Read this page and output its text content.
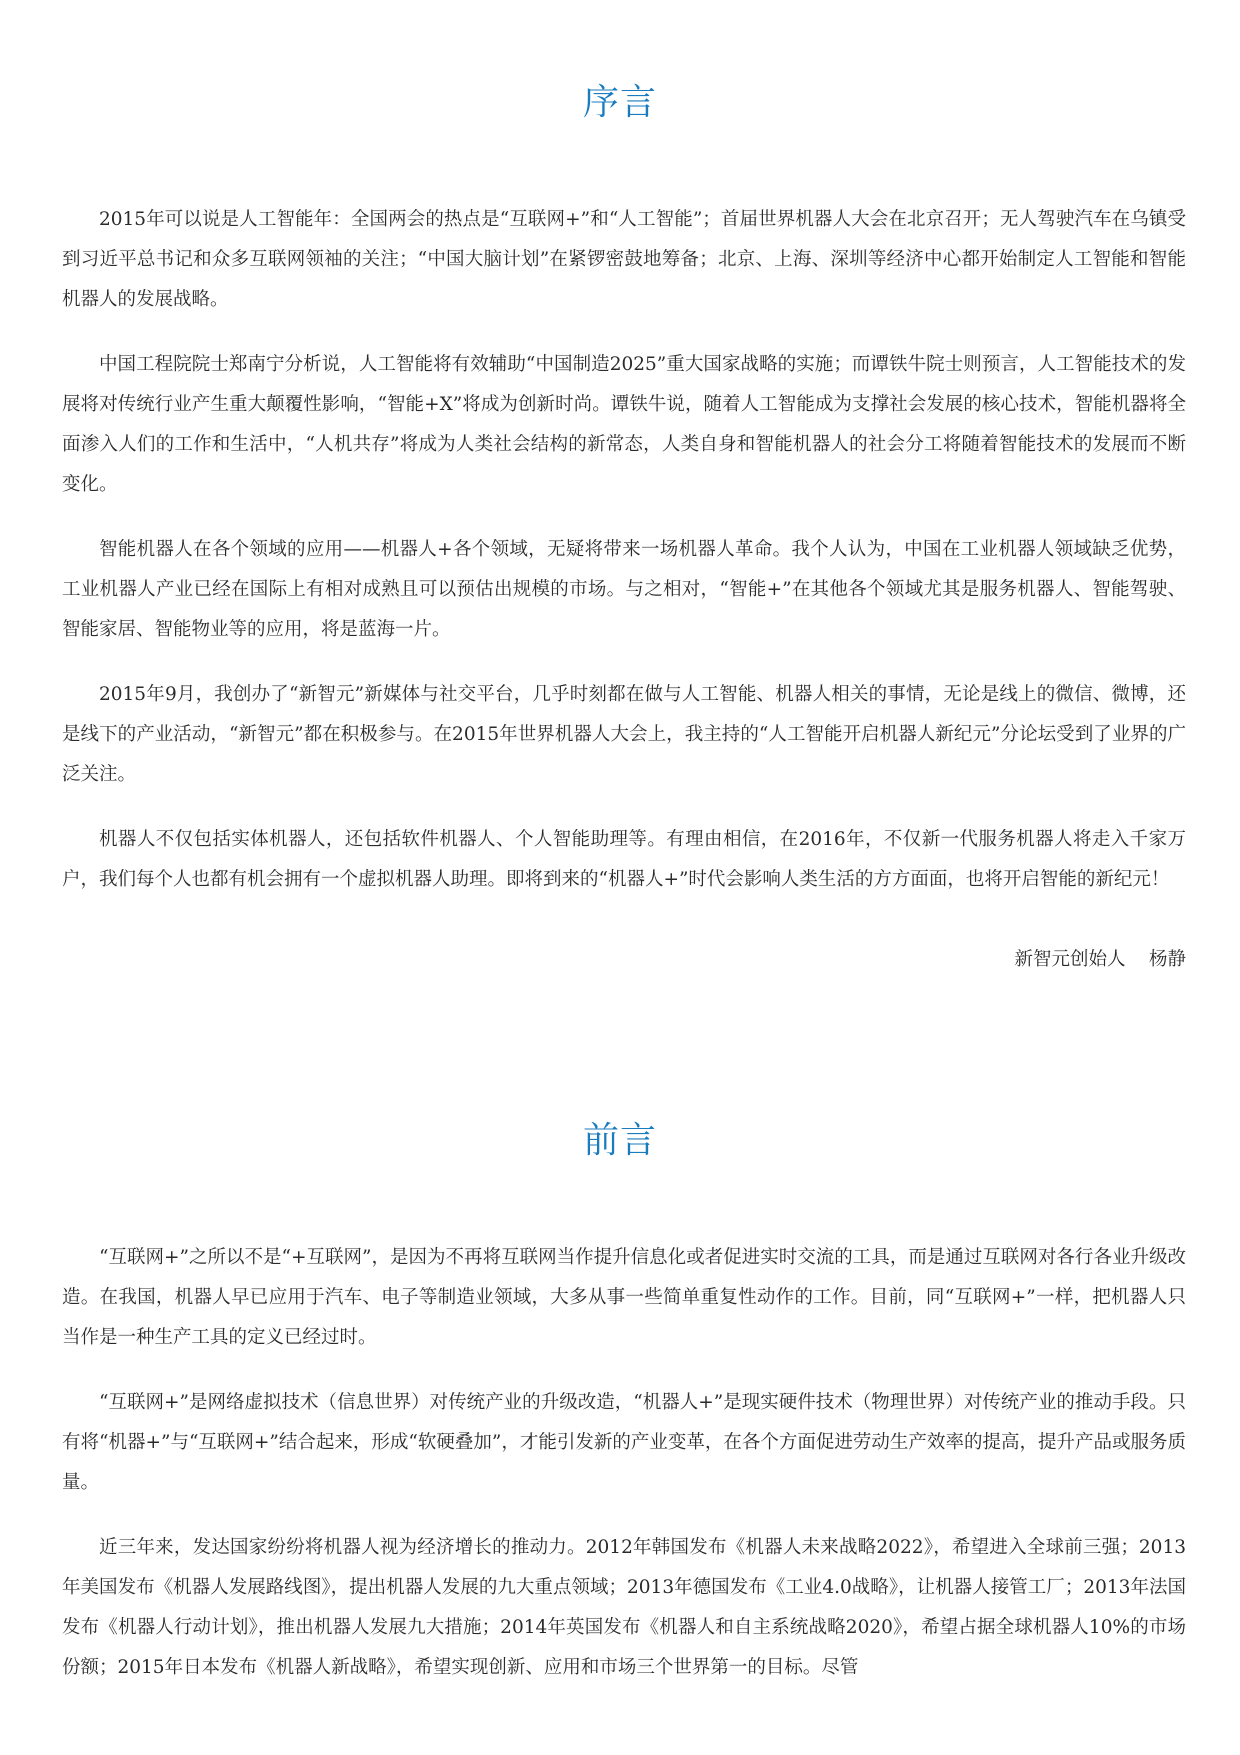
序言

2015年可以说是人工智能年：全国两会的热点是“互联网+”和“人工智能”；首届世界机器人大会在北京召开；无人驾驶汽车在乌镇受到习近平总书记和众多互联网领袖的关注；“中国大脑计划”在紧锣密鼓地筹备；北京、上海、深圳等经济中心都开始制定人工智能和智能机器人的发展战略。

中国工程院院士郑南宁分析说，人工智能将有效辅助“中国制造2025”重大国家战略的实施；而谭铁牛院士则预言，人工智能技术的发展将对传统行业产生重大颠覆性影响，“智能+X”将成为创新时尚。谭铁牛说，随着人工智能成为支撑社会发展的核心技术，智能机器将全面渗入人们的工作和生活中，“人机共存”将成为人类社会结构的新常态，人类自身和智能机器人的社会分工将随着智能技术的发展而不断变化。

智能机器人在各个领域的应用——机器人+各个领域，无疑将带来一场机器人革命。我个人认为，中国在工业机器人领域缺乏优势，工业机器人产业已经在国际上有相对成熟且可以预估出规模的市场。与之相对，“智能+”在其他各个领域尤其是服务机器人、智能驾驶、智能家居、智能物业等的应用，将是蓝海一片。

2015年9月，我创办了“新智元”新媒体与社交平台，几乎时刻都在做与人工智能、机器人相关的事情，无论是线上的微信、微博，还是线下的产业活动，“新智元”都在积极参与。在2015年世界机器人大会上，我主持的“人工智能开启机器人新纪元”分论坛受到了业界的广泛关注。

机器人不仅包括实体机器人，还包括软件机器人、个人智能助理等。有理由相信，在2016年，不仅新一代服务机器人将走入千家万户，我们每个人也都有机会拥有一个虚拟机器人助理。即将到来的“机器人+”时代会影响人类生活的方方面面，也将开启智能的新纪元！

新智元创始人    杨静
前言

“互联网+”之所以不是“+互联网”，是因为不再将互联网当作提升信息化或者促进实时交流的工具，而是通过互联网对各行各业升级改造。在我国，机器人早已应用于汽车、电子等制造业领域，大多从事一些简单重复性动作的工作。目前，同“互联网+”一样，把机器人只当作是一种生产工具的定义已经过时。

“互联网+”是网络虚拟技术（信息世界）对传统产业的升级改造，“机器人+”是现实硬件技术（物理世界）对传统产业的推动手段。只有将“机器+”与“互联网+”结合起来，形成“软硬叠加”，才能引发新的产业变革，在各个方面促进劳动生产效率的提高，提升产品或服务质量。

近三年来，发达国家纷纷将机器人视为经济增长的推动力。2012年韩国发布《机器人未来战略2022》，希望进入全球前三强；2013年美国发布《机器人发展路线图》，提出机器人发展的九大重点领域；2013年德国发布《工业4.0战略》，让机器人接管工厂；2013年法国发布《机器人行动计划》，推出机器人发展九大措施；2014年英国发布《机器人和自主系统战略2020》，希望占据全球机器人10%的市场份额；2015年日本发布《机器人新战略》，希望实现创新、应用和市场三个世界第一的目标。尽管
